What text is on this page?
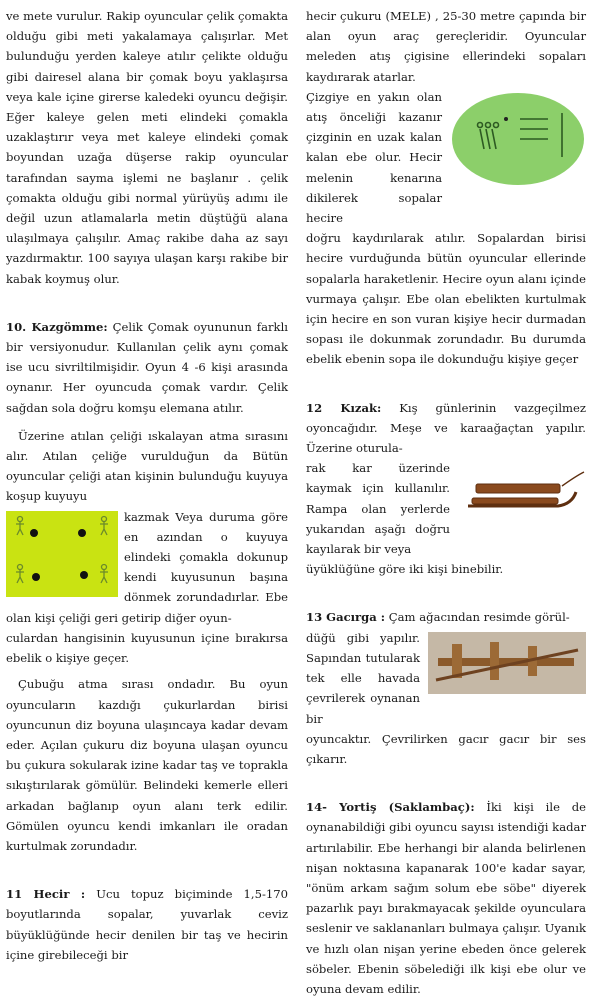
ve mete vurulur. Rakip oyuncular çelik çomakta olduğu gibi meti yakalamaya çalışırlar. Met bulunduğu yerden kaleye atılır çelikte olduğu gibi dairesel alana bir çomak boyu yaklaşırsa veya kale içine girerse kaledeki oyuncu değişir. Eğer kaleye gelen meti elindeki çomakla uzaklaştırır veya met kaleye elindeki çomak boyundan uzağa düşerse rakip oyuncular tarafından sayma işlemi ne başlanır . çelik çomakta olduğu gibi normal yürüyüş adımı ile değil uzun atlamalarla metin düştüğü alana ulaşılmaya çalışılır. Amaç rakibe daha az sayı yazdırmaktır. 100 sayıya ulaşan karşı rakibe bir kabak koymuş olur.

10. Kazgömme: Çelik Çomak oyununun farklı bir versiyonudur. Kullanılan çelik aynı çomak ise ucu sivriltilmişidir. Oyun 4 -6 kişi arasında oynanır. Her oyuncuda çomak vardır. Çelik sağdan sola doğru komşu elemana atılır.

Üzerine atılan çeliği ıskalayan atma sırasını alır. Atılan çeliğe vurulduğun da Bütün oyuncular çeliği atan kişinin bulunduğu kuyuya koşup kuyuyu

kazmak Veya duruma göre en azından o kuyuya elindeki çomakla dokunup kendi kuyusunun başına dönmek zorundadırlar. Ebe olan kişi çeliği geri getirip diğer oyun-

culardan hangisinin kuyusunun içine bırakırsa ebelik o kişiye geçer.

Çubuğu atma sırası ondadır. Bu oyun oyuncuların kazdığı çukurlardan birisi oyuncunun diz boyuna ulaşıncaya kadar devam eder. Açılan çukuru diz boyuna ulaşan oyuncu bu çukura sokularak izine kadar taş ve toprakla sıkıştırılarak gömülür. Belindeki kemerle elleri arkadan bağlanıp oyun alanı terk edilir. Gömülen oyuncu kendi imkanları ile oradan kurtulmak zorundadır.

11 Hecir : Ucu topuz biçiminde 1,5-170 boyutlarında sopalar, yuvarlak ceviz büyüklüğünde hecir denilen bir taş ve hecirin içine girebileceği bir

hecir çukuru (MELE) , 25-30 metre çapında bir alan oyun araç gereçleridir. Oyuncular meleden atış çigisine ellerindeki sopaları kaydırarak atarlar.

Çizgiye en yakın olan atış önceliği kazanır çizginin en uzak kalan kalan ebe olur. Hecir melenin kenarına dikilerek sopalar hecire

doğru kaydırılarak atılır. Sopalardan birisi hecire vurduğunda bütün oyuncular ellerinde sopalarla haraketlenir. Hecire oyun alanı içinde vurmaya çalışır. Ebe olan ebelikten kurtulmak için hecire en son vuran kişiye hecir durmadan sopası ile dokunmak zorundadır. Bu durumda ebelik ebenin sopa ile dokunduğu kişiye geçer

12 Kızak: Kış günlerinin vazgeçilmez oyoncağıdır. Meşe ve karaağaçtan yapılır. Üzerine oturula-

rak kar üzerinde kaymak için kullanılır. Rampa olan yerlerde yukarıdan aşağı doğru kayılarak bir veya

üyüklüğüne göre iki kişi binebilir.

13 Gacırga : Çam ağacından resimde görül-

düğü gibi yapılır. Sapından tutularak tek elle havada çevrilerek oynanan bir

oyuncaktır. Çevrilirken gacır gacır bir ses çıkarır.

14- Yortiş (Saklambaç): İki kişi ile de oynanabildiği gibi oyuncu sayısı istendiği kadar artırılabilir. Ebe herhangi bir alanda belirlenen nişan noktasına kapanarak 100'e kadar sayar, "önüm arkam sağım solum ebe söbe" diyerek pazarlık payı bırakmayacak şekilde oyunculara seslenir ve saklananları bulmaya çalışır. Uyanık ve hızlı olan nişan yerine ebeden önce gelerek söbeler. Ebenin söbelediği ilk kişi ebe olur ve oyuna devam edilir.
